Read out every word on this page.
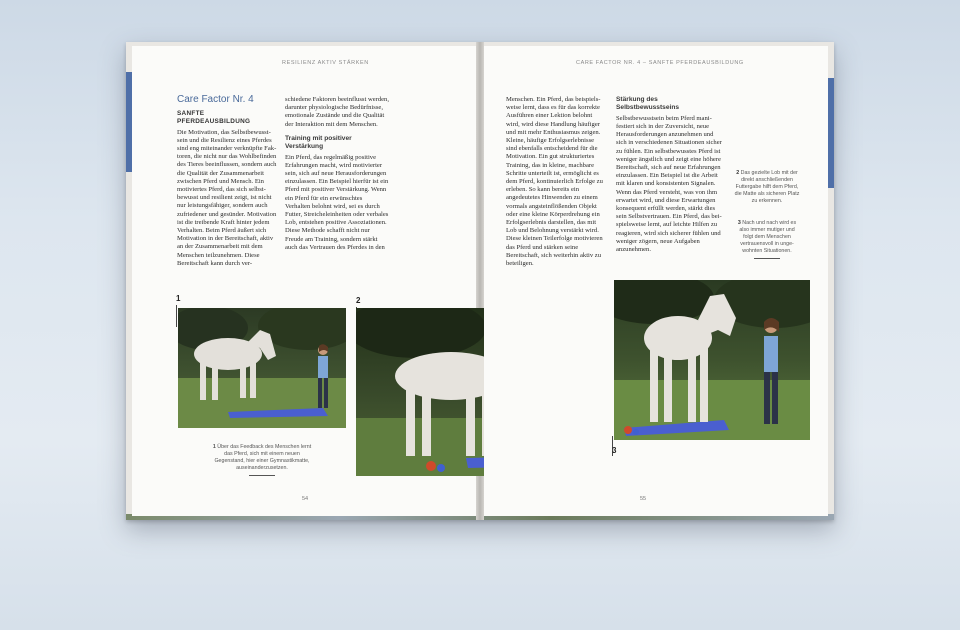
RESILIENZ AKTIV STÄRKEN
Care Factor Nr. 4
SANFTE PFERDEAUSBILDUNG

Die Motivation, das Selbstbewusstsein und die Resilienz eines Pferdes sind eng miteinander verknüpfte Faktoren, die nicht nur das Wohlbefinden des Tieres beeinflussen, sondern auch die Qualität der Zusammenarbeit zwischen Pferd und Mensch. Ein motiviertes Pferd, das sich selbstbewusst und resilient zeigt, ist nicht nur leistungsfähiger, sondern auch zufriedener und gesünder. Motivation ist die treibende Kraft hinter jedem Verhalten. Beim Pferd äußert sich Motivation in der Bereitschaft, aktiv an der Zusammenarbeit mit dem Menschen teilzunehmen. Diese Bereitschaft kann durch ver-

schiedene Faktoren beeinflusst werden, darunter physiologische Bedürfnisse, emotionale Zustände und die Qualität der Interaktion mit dem Menschen.

Training mit positiver Verstärkung

Ein Pferd, das regelmäßig positive Erfahrungen macht, wird motivierter sein, sich auf neue Herausforderungen einzulassen. Ein Beispiel hierfür ist ein Pferd mit positiver Verstärkung. Wenn ein Pferd für ein erwünschtes Verhalten belohnt wird, sei es durch Futter, Streicheleinheiten oder verbales Lob, entstehen positive Assoziationen. Diese Methode schafft nicht nur Freude am Training, sondern stärkt auch das Vertrauen des Pferdes in den

1
1 Über das Feedback des Menschen lernt das Pferd, sich mit einem neuen Gegenstand, hier einer Gymnastikmatte, auseinanderzusetzen.
2
54
CARE FACTOR NR. 4 – SANFTE PFERDEAUSBILDUNG

Menschen. Ein Pferd, das beispielsweise lernt, dass es für das korrekte Ausführen einer Lektion belohnt wird, wird diese Handlung häufiger und mit mehr Enthusiasmus zeigen. Kleine, häufige Erfolgserlebnisse sind ebenfalls entscheidend für die Motivation. Ein gut strukturiertes Training, das in kleine, machbare Schritte unterteilt ist, ermöglicht es dem Pferd, kontinuierlich Erfolge zu erleben. So kann bereits ein angedeutetes Hinwenden zu einem vormals angsteinflößenden Objekt oder eine kleine Körperdrehung ein Erfolgserlebnis darstellen, das mit Lob und Belohnung verstärkt wird. Diese kleinen Teilerfolge motivieren das Pferd und stärken seine Bereitschaft, sich weiterhin aktiv zu beteiligen.

Stärkung des Selbstbewusstseins

Selbstbewusstsein beim Pferd manifestiert sich in der Zuversicht, neue Herausforderungen anzunehmen und sich in verschiedenen Situationen sicher zu fühlen. Ein selbstbewusstes Pferd ist weniger ängstlich und zeigt eine höhere Bereitschaft, sich auf neue Erfahrungen einzulassen. Ein Beispiel ist die Arbeit mit klaren und konsistenten Signalen. Wenn das Pferd versteht, was von ihm erwartet wird, und diese Erwartungen konsequent erfüllt werden, stärkt dies sein Selbstvertrauen. Ein Pferd, das beispielsweise lernt, auf leichte Hilfen zu reagieren, wird sich sicherer fühlen und weniger zögern, neue Aufgaben anzunehmen.

2 Das gezielte Lob mit der direkt anschließenden Futtergabe hilft dem Pferd, die Matte als sicheren Platz zu erkennen.
3 Nach und nach wird es also immer mutiger und folgt dem Menschen vertrauensvoll in ungewohnten Situationen.
3
55
